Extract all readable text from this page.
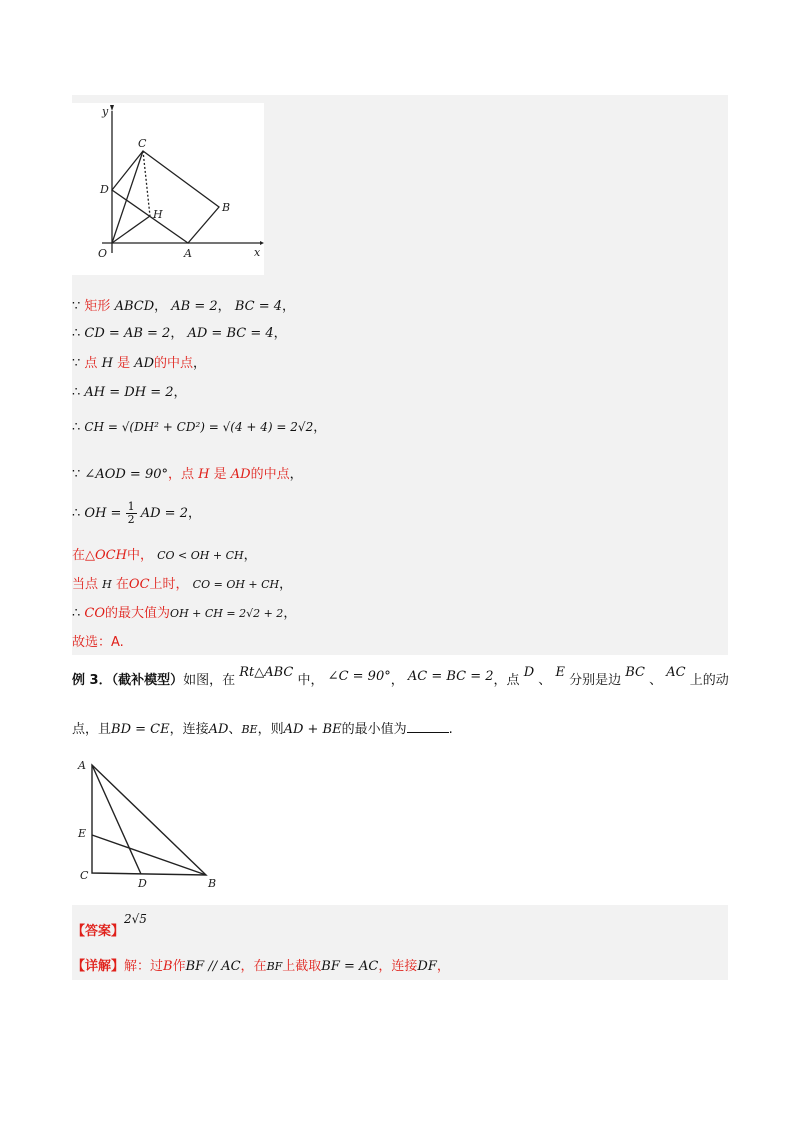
y
x
O	A
B
C
D
H
∵ 矩形 ABCD， AB = 2， BC = 4，
∴ CD = AB = 2， AD = BC = 4，
∵ 点 H 是 AD的中点，
∴ AH = DH = 2，
∴ CH = √(DH² + CD²) = √(4 + 4) = 2√2，
∵ ∠AOD = 90°，点 H 是 AD的中点，
∴ OH = $\frac{1}{2}$ AD = 2，
在△OCH中， CO < OH + CH，
当点 H 在OC上时， CO = OH + CH，
∴ CO的最大值为OH + CH = 2√2 + 2，
故选：A.
例 3．（截补模型）如图，在 Rt△ABC 中， ∠C = 90°， AC = BC = 2，点 D 、 E 分别是边 BC 、 AC 上的动
点，且BD = CE，连接AD、BE，则AD + BE的最小值为	.
A
E
C
D	B
【答案】2√5
【详解】解：过B作BF // AC，在BF上截取BF = AC，连接DF，
